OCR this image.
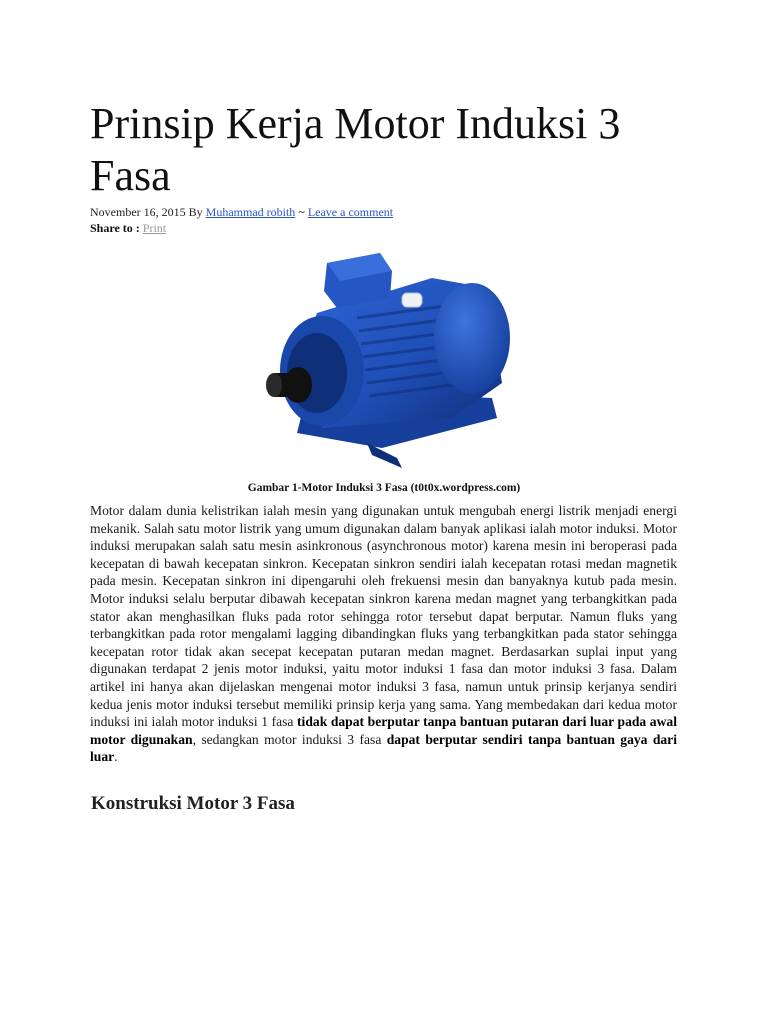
Prinsip Kerja Motor Induksi 3 Fasa
November 16, 2015 By Muhammad robith ~ Leave a comment
Share to : Print
Gambar 1-Motor Induksi 3 Fasa (t0t0x.wordpress.com)

Motor dalam dunia kelistrikan ialah mesin yang digunakan untuk mengubah energi listrik menjadi energi mekanik. Salah satu motor listrik yang umum digunakan dalam banyak aplikasi ialah motor induksi. Motor induksi merupakan salah satu mesin asinkronous (asynchronous motor) karena mesin ini beroperasi pada kecepatan di bawah kecepatan sinkron. Kecepatan sinkron sendiri ialah kecepatan rotasi medan magnetik pada mesin. Kecepatan sinkron ini dipengaruhi oleh frekuensi mesin dan banyaknya kutub pada mesin. Motor induksi selalu berputar dibawah kecepatan sinkron karena medan magnet yang terbangkitkan pada stator akan menghasilkan fluks pada rotor sehingga rotor tersebut dapat berputar. Namun fluks yang terbangkitkan pada rotor mengalami lagging dibandingkan fluks yang terbangkitkan pada stator sehingga kecepatan rotor tidak akan secepat kecepatan putaran medan magnet. Berdasarkan suplai input yang digunakan terdapat 2 jenis motor induksi, yaitu motor induksi 1 fasa dan motor induksi 3 fasa. Dalam artikel ini hanya akan dijelaskan mengenai motor induksi 3 fasa, namun untuk prinsip kerjanya sendiri kedua jenis motor induksi tersebut memiliki prinsip kerja yang sama. Yang membedakan dari kedua motor induksi ini ialah motor induksi 1 fasa tidak dapat berputar tanpa bantuan putaran dari luar pada awal motor digunakan, sedangkan motor induksi 3 fasa dapat berputar sendiri tanpa bantuan gaya dari luar.

Konstruksi Motor 3 Fasa
